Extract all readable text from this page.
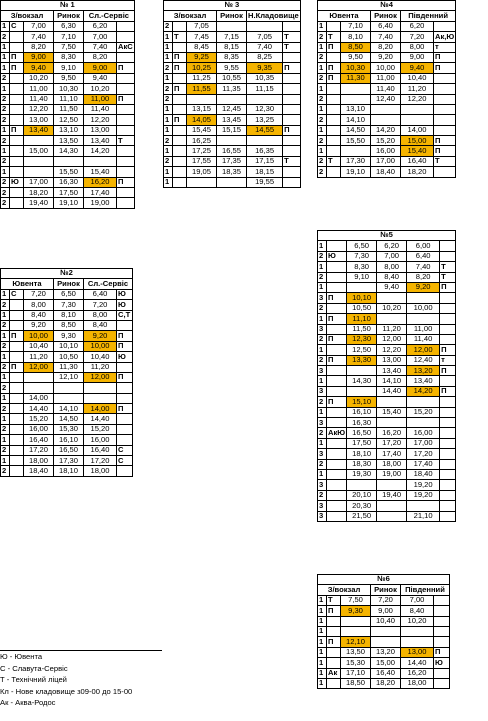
№ 1					
З/вокзал			Ринок	Сл.-Сервіс	
1	С	7,00	6,30	6,20	
2		7,40	7,10	7,00	
1		8,20	7,50	7,40	АкС
1	П	9,00	8,30	8,20	
1	П	9,40	9,10	9,00	П
2		10,20	9,50	9,40	
1		11,00	10,30	10,20	
2		11,40	11,10	11,00	П
2		12,20	11,50	11,40	
2		13,00	12,50	12,20	
1	П	13,40	13,10	13,00	
2			13,50	13,40	Т
1		15,00	14,30	14,20	
2					
1			15,50	15,40	
2	Ю	17,00	16,30	16,20	П
2		18,20	17,50	17,40	
2		19,40	19,10	19,00	
№ 3					
З/вокзал			Ринок	Н.Кладовище	
2		7,05			
1	Т	7,45	7,15	7,05	Т
1		8,45	8,15	7,40	Т
1	П	9,25	8,35	8,25	
2	П	10,25	9,55	9,35	П
1		11,25	10,55	10,35	
2	П	11,55	11,35	11,15	
2					
1		13,15	12,45	12,30	
1	П	14,05	13,45	13,25	
1		15,45	15,15	14,55	П
2		16,25			
1		17,25	16,55	16,35	
2		17,55	17,35	17,15	Т
1		19,05	18,35	18,15	
1				19,55	
№4					
Ювента			Ринок	Південний	
1		7,10	6,40	6,20	
2	Т	8,10	7,40	7,20	Ак,Ю
1	П	8,50	8,20	8,00	т
2		9,50	9,20	9,00	П
1	П	10,30	10,00	9,40	П
2	П	11,30	11,00	10,40	
1			11,40	11,20	
2			12,40	12,20	
1		13,10			
2		14,10			
1		14,50	14,20	14,00	
2		15,50	15,20	15,00	П
1			16,00	15,40	П
2	Т	17,30	17,00	16,40	Т
2		19,10	18,40	18,20	
№5					
1		6,50	6,20	6,00	
2	Ю	7,30	7,00	6,40	
1		8,30	8,00	7,40	Т
2		9,10	8,40	8,20	Т
1			9,40	9,20	П
3	П	10,10			
2		10,50	10,20	10,00	
1	П	11,10			
3		11,50	11,20	11,00	
2	П	12,30	12,00	11,40	
1		12,50	12,20	12,00	П
2	П	13,30	13,00	12,40	т
3			13,40	13,20	П
1		14,30	14,10	13,40	
3			14,40	14,20	П
2	П	15,10			
1		16,10	15,40	15,20	
3		16,30			
2	АкЮ	16,50	16,20	16,00	
1		17,50	17,20	17,00	
3		18,10	17,40	17,20	
2		18,30	18,00	17,40	
1		19,30	19,00	18,40	
3				19,20	
2		20,10	19,40	19,20	
3		20,30			
3		21,50		21,10	
№2					
Ювента			Ринок	Сл.-Сервіс	
1	С	7,20	6,50	6,40	Ю
2		8,00	7,30	7,20	Ю
1		8,40	8,10	8,00	С,Т
2		9,20	8,50	8,40	
1	П	10,00	9,30	9,20	П
2		10,40	10,10	10,00	П
1		11,20	10,50	10,40	Ю
2	П	12,00	11,30	11,20	
1			12,10	12,00	П
2					
1		14,00			
2		14,40	14,10	14,00	П
1		15,20	14,50	14,40	
2		16,00	15,30	15,20	
1		16,40	16,10	16,00	
2		17,20	16,50	16,40	С
1		18,00	17,30	17,20	С
2		18,40	18,10	18,00	
№6					
З/вокзал			Ринок	Південний	
1	Т	7,50	7,20	7,00	
1	П	9,30	9,00	8,40	
1			10,40	10,20	
1					
1	П	12,10			
1		13,50	13,20	13,00	П
1		15,30	15,00	14,40	Ю
1	Ак	17,10	16,40	16,20	
1		18,50	18,20	18,00	
Ю - Ювента
С - Славута-Сервіс
Т - Технічний ліцей
Кл - Нове кладовище з09-00 до 15-00
Ак - Аква-Родос
